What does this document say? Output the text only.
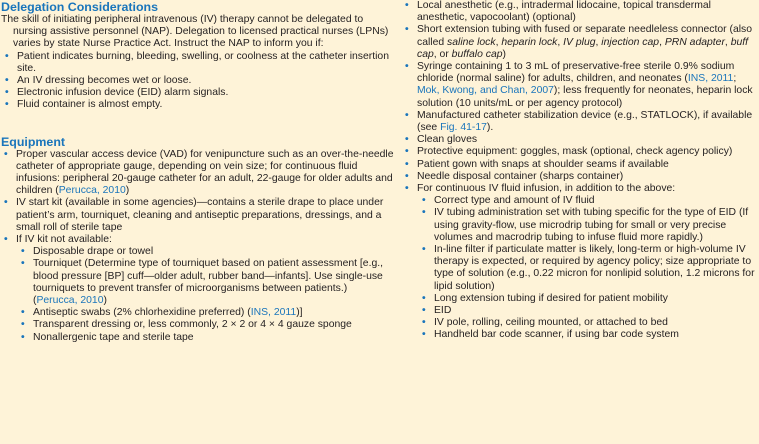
Delegation Considerations
The skill of initiating peripheral intravenous (IV) therapy cannot be delegated to nursing assistive personnel (NAP). Delegation to licensed practical nurses (LPNs) varies by state Nurse Practice Act. Instruct the NAP to inform you if:
• Patient indicates burning, bleeding, swelling, or coolness at the catheter insertion site.
• An IV dressing becomes wet or loose.
• Electronic infusion device (EID) alarm signals.
• Fluid container is almost empty.
Equipment
• Proper vascular access device (VAD) for venipuncture such as an over-the-needle catheter of appropriate gauge, depending on vein size; for continuous fluid infusions: peripheral 20-gauge catheter for an adult, 22-gauge for older adults and children (Perucca, 2010)
• IV start kit (available in some agencies)—contains a sterile drape to place under patient’s arm, tourniquet, cleaning and antiseptic preparations, dressings, and a small roll of sterile tape
• If IV kit not available:
• Disposable drape or towel
• Tourniquet (Determine type of tourniquet based on patient assessment [e.g., blood pressure [BP] cuff—older adult, rubber band—infants]. Use single-use tourniquets to prevent transfer of microorganisms between patients.) (Perucca, 2010)
• Antiseptic swabs (2% chlorhexidine preferred) (INS, 2011)]
• Transparent dressing or, less commonly, 2 × 2 or 4 × 4 gauze sponge
• Nonallergenic tape and sterile tape
• Local anesthetic (e.g., intradermal lidocaine, topical transdermal anesthetic, vapocoolant) (optional)
• Short extension tubing with fused or separate needleless connector (also called saline lock, heparin lock, IV plug, injection cap, PRN adapter, buff cap, or buffalo cap)
• Syringe containing 1 to 3 mL of preservative-free sterile 0.9% sodium chloride (normal saline) for adults, children, and neonates (INS, 2011; Mok, Kwong, and Chan, 2007); less frequently for neonates, heparin lock solution (10 units/mL or per agency protocol)
• Manufactured catheter stabilization device (e.g., STATLOCK), if available (see Fig. 41-17).
• Clean gloves
• Protective equipment: goggles, mask (optional, check agency policy)
• Patient gown with snaps at shoulder seams if available
• Needle disposal container (sharps container)
• For continuous IV fluid infusion, in addition to the above:
• Correct type and amount of IV fluid
• IV tubing administration set with tubing specific for the type of EID (If using gravity-flow, use microdrip tubing for small or very precise volumes and macrodrip tubing to infuse fluid more rapidly.)
• In-line filter if particulate matter is likely, long-term or high-volume IV therapy is expected, or required by agency policy; size appropriate to type of solution (e.g., 0.22 micron for nonlipid solution, 1.2 microns for lipid solution)
• Long extension tubing if desired for patient mobility
• EID
• IV pole, rolling, ceiling mounted, or attached to bed
• Handheld bar code scanner, if using bar code system
